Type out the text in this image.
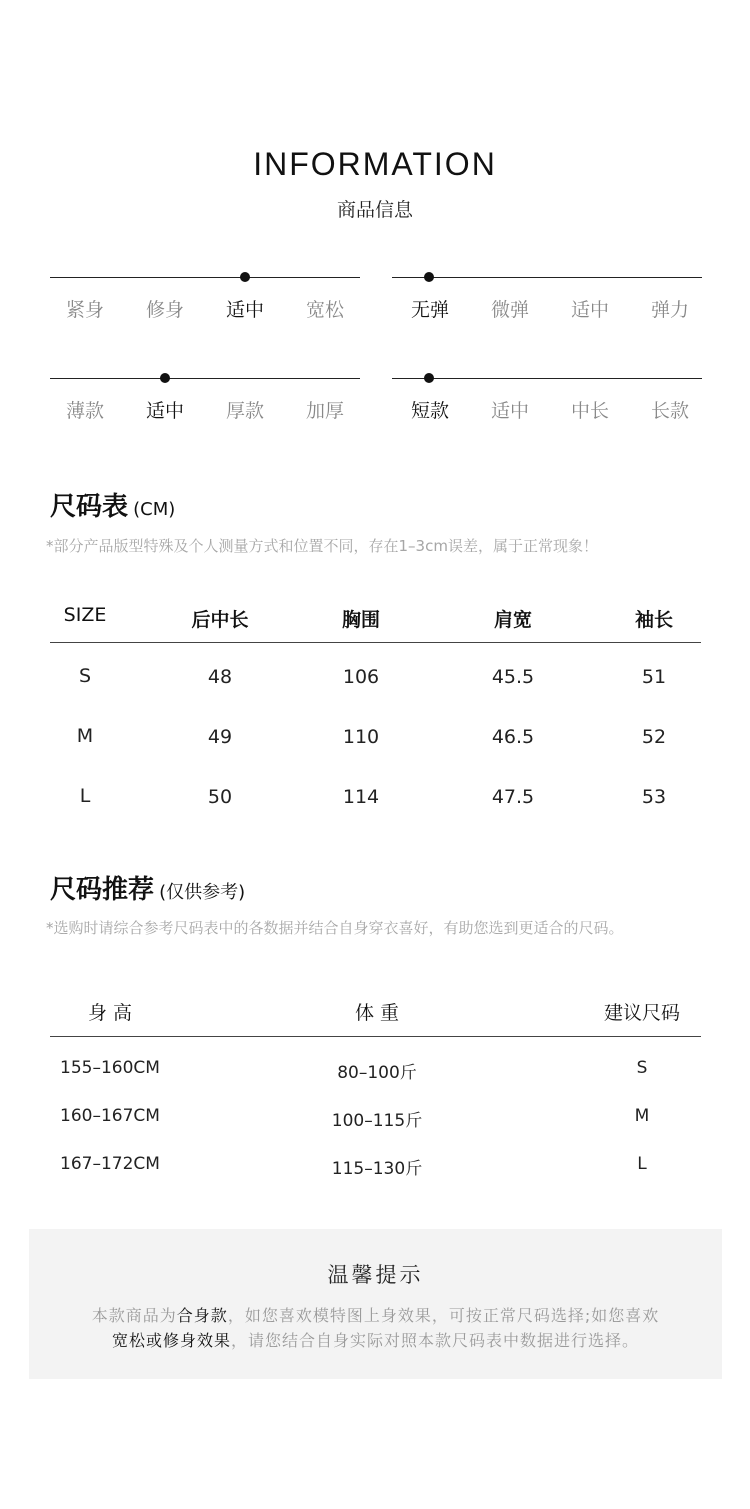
INFORMATION
商品信息
紧身	修身	适中	宽松	无弹	微弹	适中	弹力
薄款	适中	厚款	加厚	短款	适中	中长	长款
尺码表 (CM)
*部分产品版型特殊及个人测量方式和位置不同，存在1–3cm误差，属于正常现象！
SIZE	后中长	胸围	肩宽	袖长
S	48	106	45.5	51
M	49	110	46.5	52
L	50	114	47.5	53
尺码推荐 (仅供参考)
*选购时请综合参考尺码表中的各数据并结合自身穿衣喜好，有助您选到更适合的尺码。
身 高	体 重	建议尺码
155–160CM	80–100斤	S
160–167CM	100–115斤	M
167–172CM	115–130斤	L
温馨提示
本款商品为合身款，如您喜欢模特图上身效果，可按正常尺码选择;如您喜欢
宽松或修身效果，请您结合自身实际对照本款尺码表中数据进行选择。
